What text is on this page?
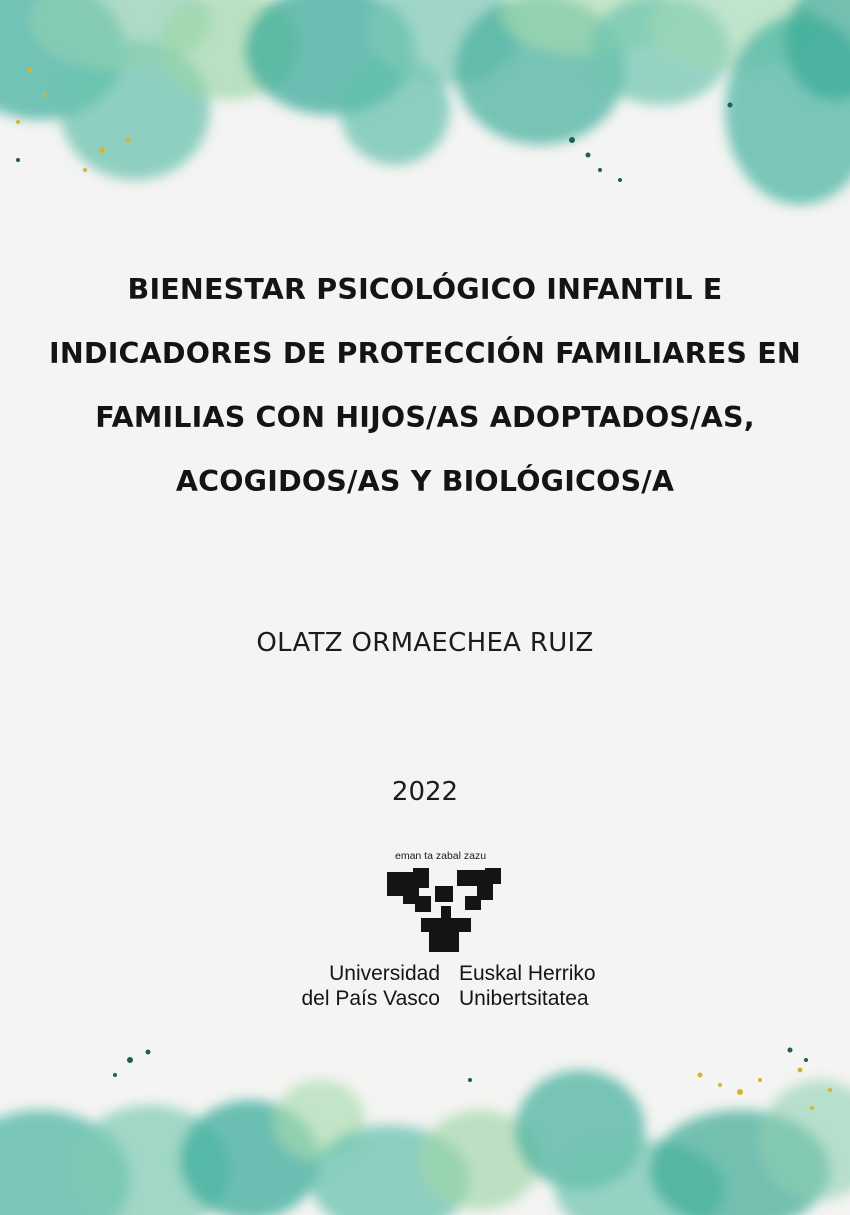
BIENESTAR PSICOLÓGICO INFANTIL E
INDICADORES DE PROTECCIÓN FAMILIARES EN
FAMILIAS CON HIJOS/AS ADOPTADOS/AS,
ACOGIDOS/AS Y BIOLÓGICOS/A
OLATZ ORMAECHEA RUIZ
2022
eman ta zabal zazu
Universidad
del País Vasco
Euskal Herriko
Unibertsitatea
